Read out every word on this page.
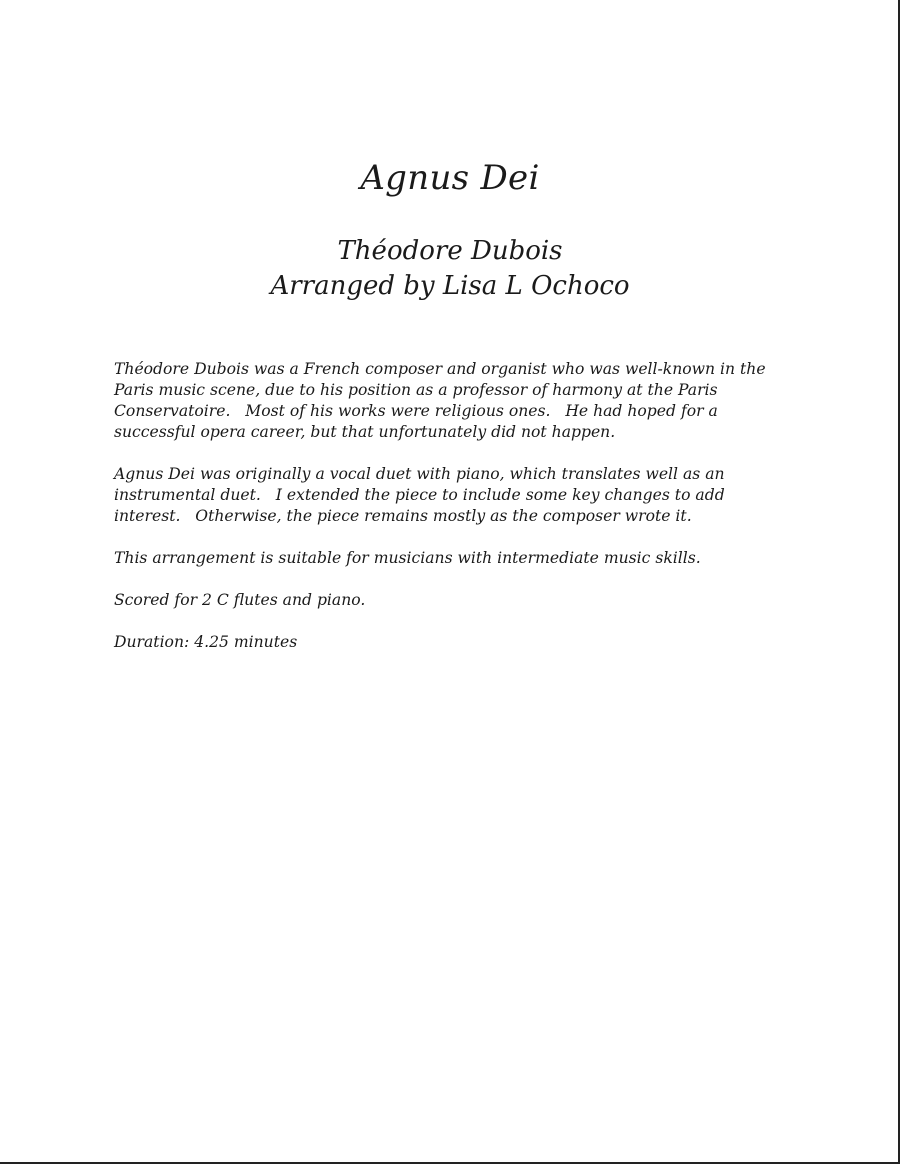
Agnus Dei
Théodore Dubois
Arranged by Lisa L Ochoco

Théodore Dubois was a French composer and organist who was well-known in the Paris music scene, due to his position as a professor of harmony at the Paris Conservatoire.   Most of his works were religious ones.   He had hoped for a successful opera career, but that unfortunately did not happen.

Agnus Dei was originally a vocal duet with piano, which translates well as an instrumental duet.   I extended the piece to include some key changes to add interest.   Otherwise, the piece remains mostly as the composer wrote it.

This arrangement is suitable for musicians with intermediate music skills.

Scored for 2 C flutes and piano.

Duration: 4.25 minutes
